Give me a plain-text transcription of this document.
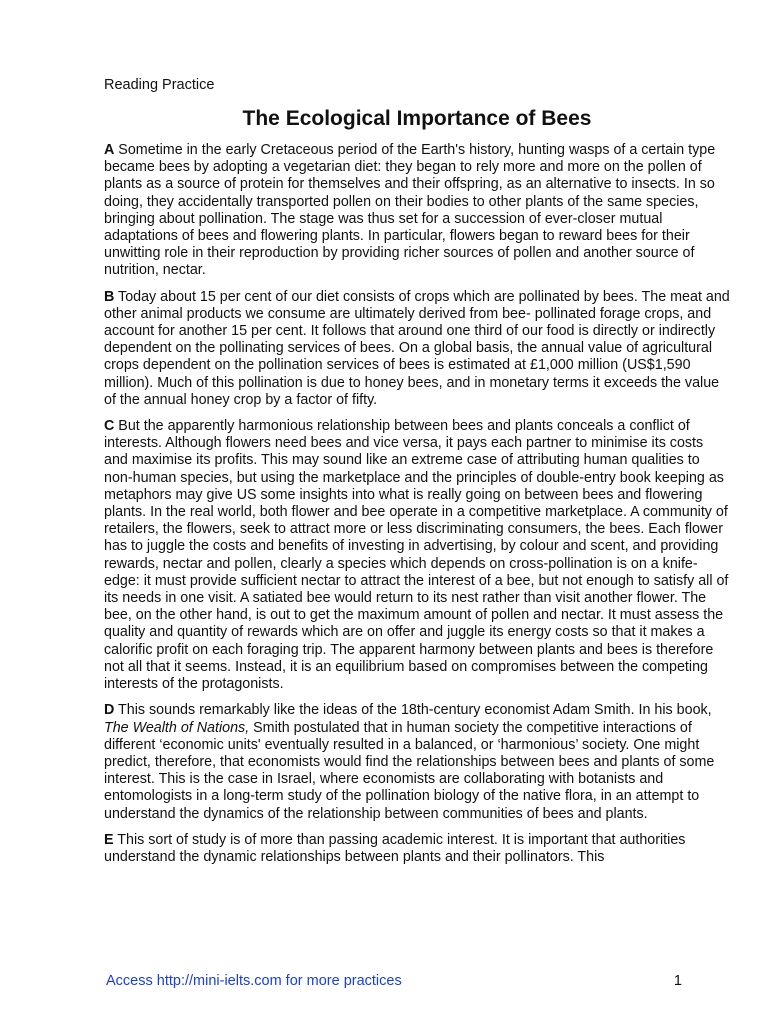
Reading Practice

The Ecological Importance of Bees

A Sometime in the early Cretaceous period of the Earth's history, hunting wasps of a certain type became bees by adopting a vegetarian diet: they began to rely more and more on the pollen of plants as a source of protein for themselves and their offspring, as an alternative to insects. In so doing, they accidentally transported pollen on their bodies to other plants of the same species, bringing about pollination. The stage was thus set for a succession of ever-closer mutual adaptations of bees and flowering plants. In particular, flowers began to reward bees for their unwitting role in their reproduction by providing richer sources of pollen and another source of nutrition, nectar.

B Today about 15 per cent of our diet consists of crops which are pollinated by bees. The meat and other animal products we consume are ultimately derived from bee- pollinated forage crops, and account for another 15 per cent. It follows that around one third of our food is directly or indirectly dependent on the pollinating services of bees. On a global basis, the annual value of agricultural crops dependent on the pollination services of bees is estimated at £1,000 million (US$1,590 million). Much of this pollination is due to honey bees, and in monetary terms it exceeds the value of the annual honey crop by a factor of fifty.

C But the apparently harmonious relationship between bees and plants conceals a conflict of interests. Although flowers need bees and vice versa, it pays each partner to minimise its costs and maximise its profits. This may sound like an extreme case of attributing human qualities to non-human species, but using the marketplace and the principles of double-entry book keeping as metaphors may give US some insights into what is really going on between bees and flowering plants. In the real world, both flower and bee operate in a competitive marketplace. A community of retailers, the flowers, seek to attract more or less discriminating consumers, the bees. Each flower has to juggle the costs and benefits of investing in advertising, by colour and scent, and providing rewards, nectar and pollen, clearly a species which depends on cross-pollination is on a knife-edge: it must provide sufficient nectar to attract the interest of a bee, but not enough to satisfy all of its needs in one visit. A satiated bee would return to its nest rather than visit another flower. The bee, on the other hand, is out to get the maximum amount of pollen and nectar. It must assess the quality and quantity of rewards which are on offer and juggle its energy costs so that it makes a calorific profit on each foraging trip. The apparent harmony between plants and bees is therefore not all that it seems. Instead, it is an equilibrium based on compromises between the competing interests of the protagonists.

D This sounds remarkably like the ideas of the 18th-century economist Adam Smith. In his book, The Wealth of Nations, Smith postulated that in human society the competitive interactions of different ‘economic units' eventually resulted in a balanced, or ‘harmonious’ society. One might predict, therefore, that economists would find the relationships between bees and plants of some interest. This is the case in Israel, where economists are collaborating with botanists and entomologists in a long-term study of the pollination biology of the native flora, in an attempt to understand the dynamics of the relationship between communities of bees and plants.

E This sort of study is of more than passing academic interest. It is important that authorities understand the dynamic relationships between plants and their pollinators. This

Access http://mini-ielts.com for more practices	1
